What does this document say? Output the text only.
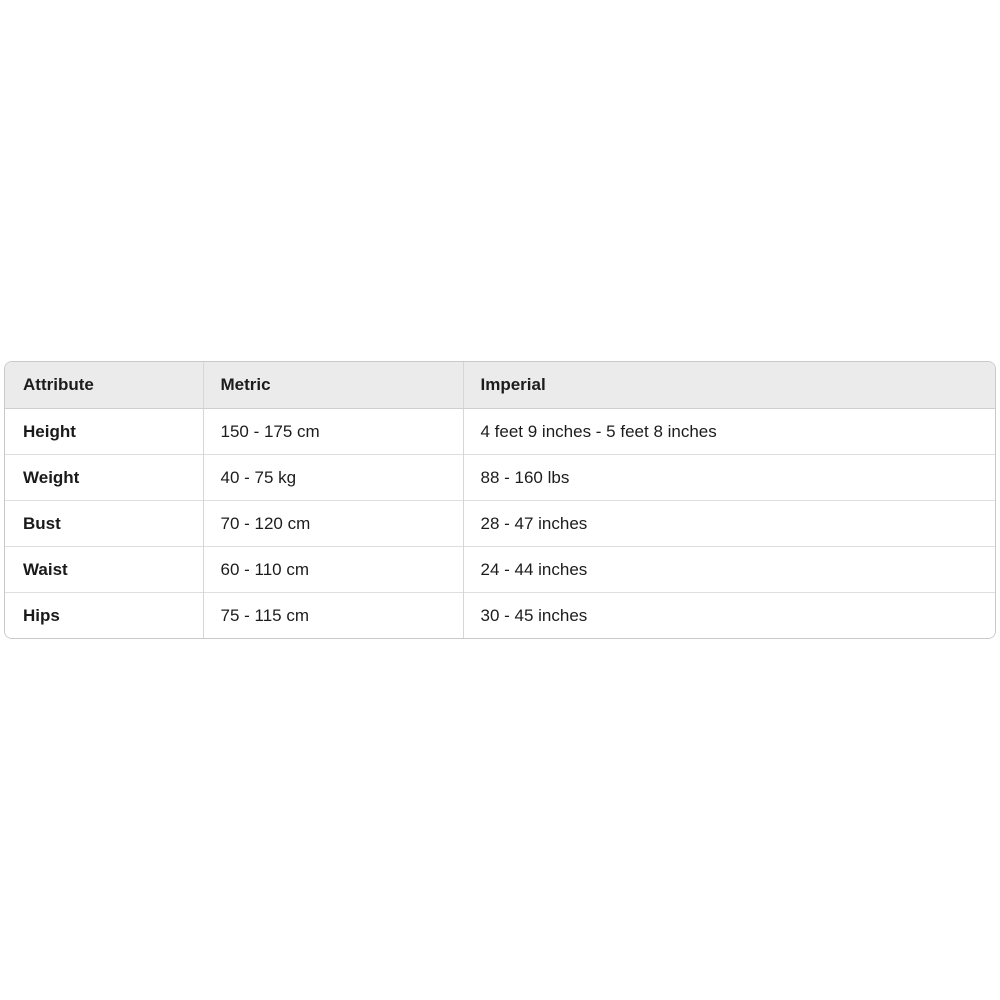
Attribute	Metric	Imperial
Height	150 - 175 cm	4 feet 9 inches - 5 feet 8 inches
Weight	40 - 75 kg	88 - 160 lbs
Bust	70 - 120 cm	28 - 47 inches
Waist	60 - 110 cm	24 - 44 inches
Hips	75 - 115 cm	30 - 45 inches
